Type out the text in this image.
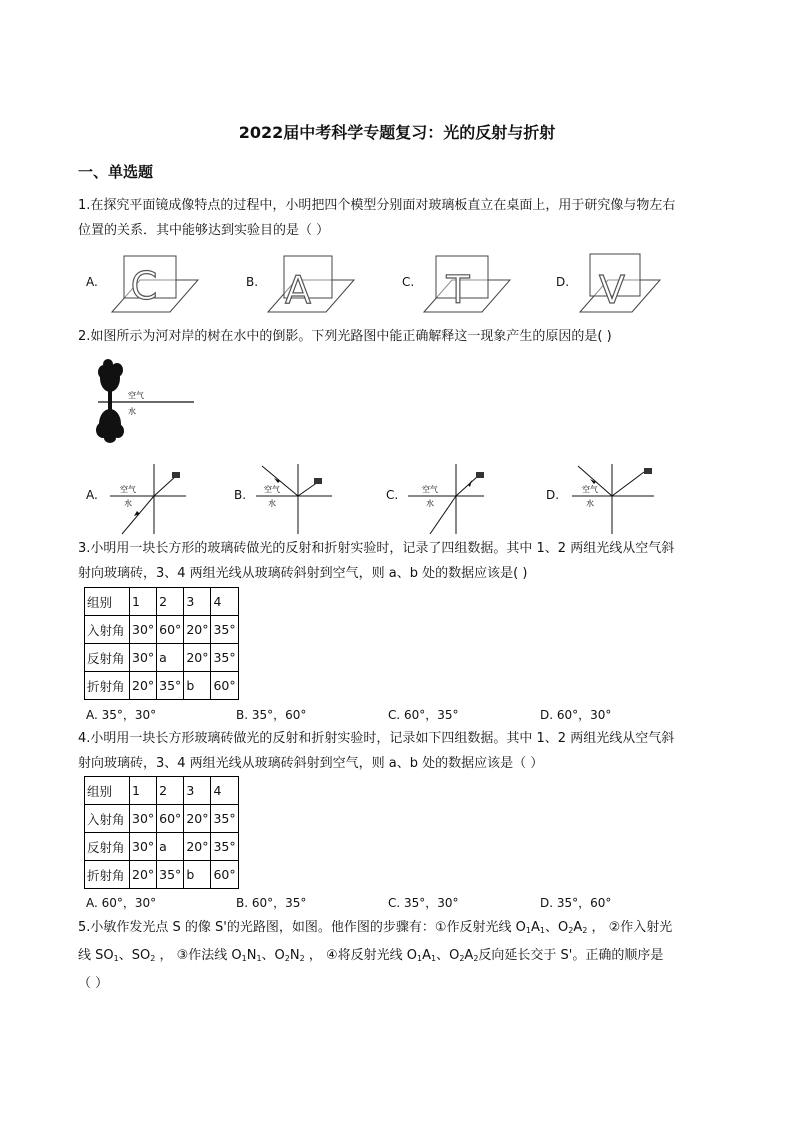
2022届中考科学专题复习：光的反射与折射
一、单选题
1.在探究平面镜成像特点的过程中，小明把四个模型分别面对玻璃板直立在桌面上，用于研究像与物左右
位置的关系．其中能够达到实验目的是（ ）
A. C	B. A	C. T	D. V
2.如图所示为河对岸的树在水中的倒影。下列光路图中能正确解释这一现象产生的原因的是( )
空气
水
A.	空气
水
B. 空气
水
C.	空气
水
D.	空气
水
3.小明用一块长方形的玻璃砖做光的反射和折射实验时，记录了四组数据。其中 1、2 两组光线从空气斜
射向玻璃砖，3、4 两组光线从玻璃砖斜射到空气，则 a、b 处的数据应该是( )
组别	1	2	3	4
入射角	30°	60°	20°	35°
反射角	30°	a	20°	35°
折射角	20°	35°	b	60°
A. 35°，30°	B. 35°，60°	C. 60°，35°	D. 60°，30°
4.小明用一块长方形玻璃砖做光的反射和折射实验时，记录如下四组数据。其中 1、2 两组光线从空气斜
射向玻璃砖，3、4 两组光线从玻璃砖斜射到空气，则 a、b 处的数据应该是（ ）
组别	1	2	3	4
入射角	30°	60°	20°	35°
反射角	30°	a	20°	35°
折射角	20°	35°	b	60°
A. 60°，30°	B. 60°，35°	C. 35°，30°	D. 35°，60°
5.小敏作发光点 S 的像 S'的光路图，如图。他作图的步骤有：①作反射光线 $O_1A_1$、$O_2A_2$ ， ②作入射光
线 $SO_1$、$SO_2$ ， ③作法线 $O_1N_1$、$O_2N_2$ ， ④将反射光线 $O_1A_1$、$O_2A_2$反向延长交于 S'。正确的顺序是
（ ）
